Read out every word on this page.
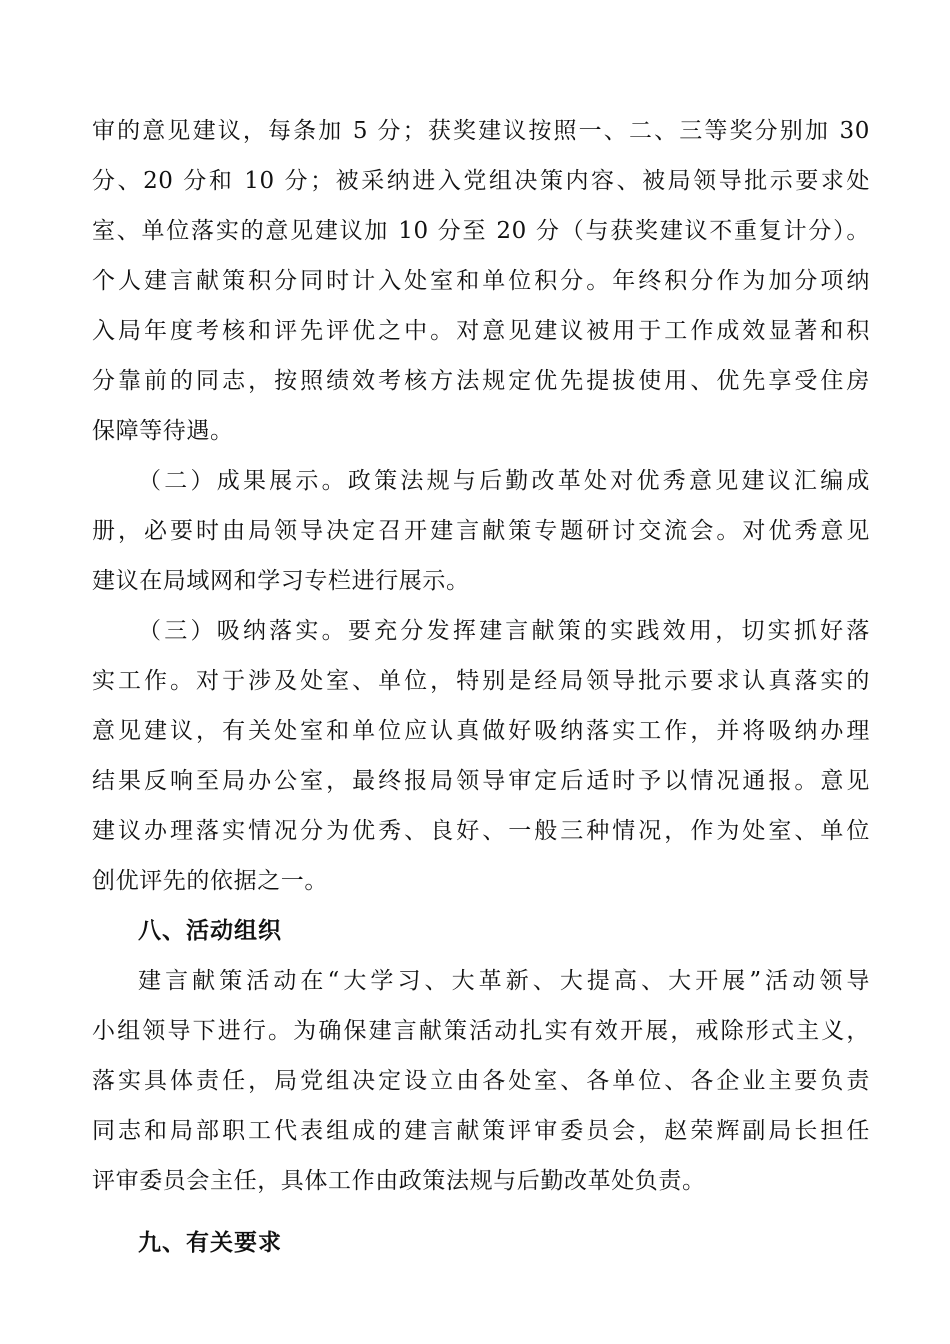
审的意见建议，每条加 5 分；获奖建议按照一、二、三等奖分别加 30
分、20 分和 10 分；被采纳进入党组决策内容、被局领导批示要求处
室、单位落实的意见建议加 10 分至 20 分（与获奖建议不重复计分）。
个人建言献策积分同时计入处室和单位积分。年终积分作为加分项纳
入局年度考核和评先评优之中。对意见建议被用于工作成效显著和积
分靠前的同志，按照绩效考核方法规定优先提拔使用、优先享受住房
保障等待遇。

（二）成果展示。政策法规与后勤改革处对优秀意见建议汇编成
册，必要时由局领导决定召开建言献策专题研讨交流会。对优秀意见
建议在局域网和学习专栏进行展示。

（三）吸纳落实。要充分发挥建言献策的实践效用，切实抓好落
实工作。对于涉及处室、单位，特别是经局领导批示要求认真落实的
意见建议，有关处室和单位应认真做好吸纳落实工作，并将吸纳办理
结果反响至局办公室，最终报局领导审定后适时予以情况通报。意见
建议办理落实情况分为优秀、良好、一般三种情况，作为处室、单位
创优评先的依据之一。

八、活动组织

建言献策活动在“大学习、大革新、大提高、大开展”活动领导
小组领导下进行。为确保建言献策活动扎实有效开展，戒除形式主义，
落实具体责任，局党组决定设立由各处室、各单位、各企业主要负责
同志和局部职工代表组成的建言献策评审委员会，赵荣辉副局长担任
评审委员会主任，具体工作由政策法规与后勤改革处负责。

九、有关要求
